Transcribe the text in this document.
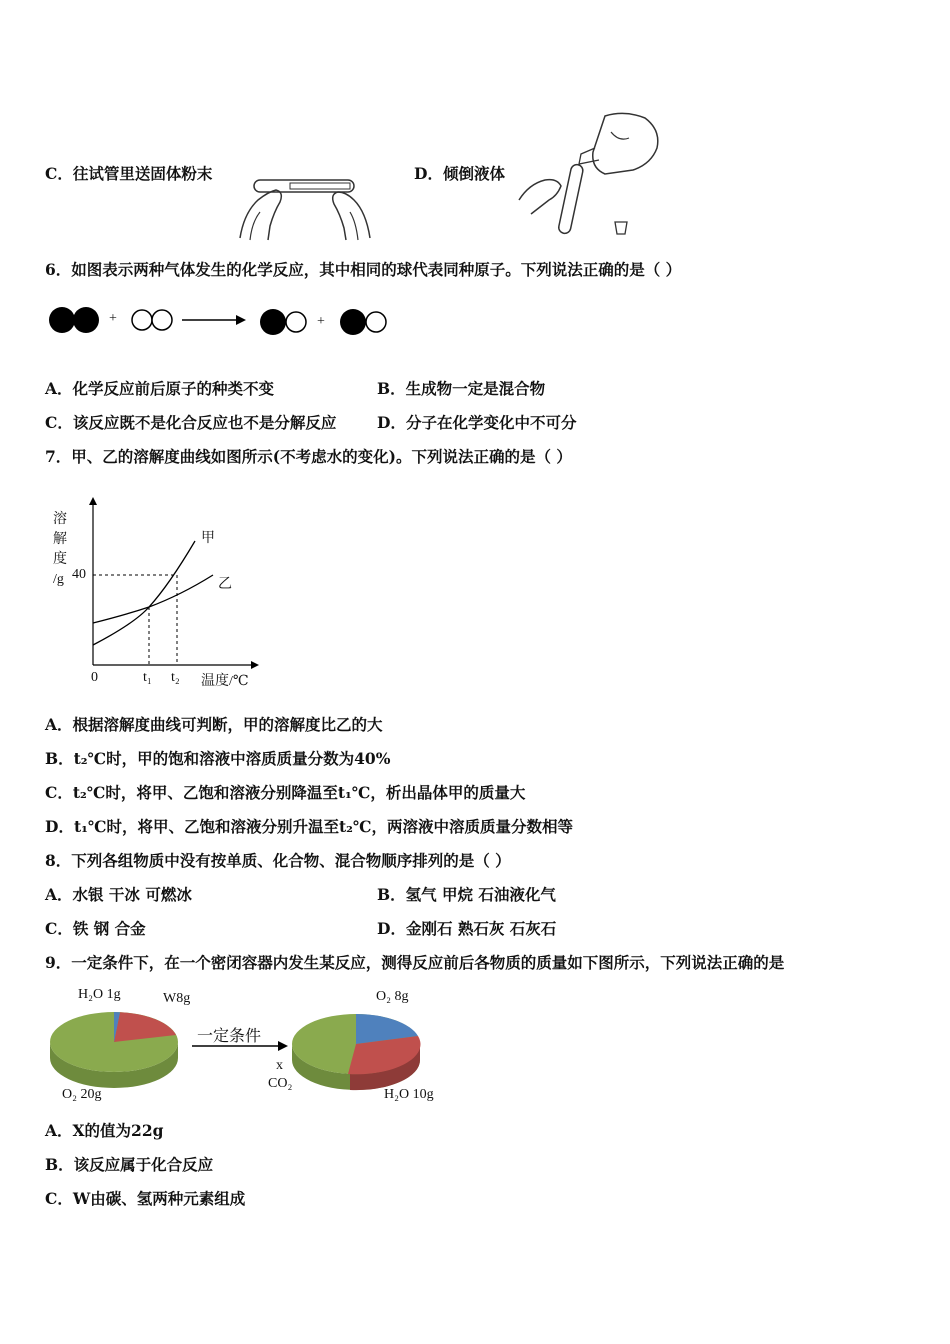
C．往试管里送固体粉末	D．倾倒液体
6．如图表示两种气体发生的化学反应，其中相同的球代表同种原子。下列说法正确的是（ ）
+	+
A．化学反应前后原子的种类不变	B．生成物一定是混合物
C．该反应既不是化合反应也不是分解反应	D．分子在化学变化中不可分
7．甲、乙的溶解度曲线如图所示(不考虑水的变化)。下列说法正确的是（ ）
溶
解
度
/g 40
0	t₁ t₂ 温度/℃
甲
乙
A．根据溶解度曲线可判断，甲的溶解度比乙的大
B．t₂℃时，甲的饱和溶液中溶质质量分数为40%
C．t₂℃时，将甲、乙饱和溶液分别降温至t₁℃，析出晶体甲的质量大
D．t₁℃时，将甲、乙饱和溶液分别升温至t₂℃，两溶液中溶质质量分数相等
8．下列各组物质中没有按单质、化合物、混合物顺序排列的是（ ）
A．水银 干冰 可燃冰	B．氢气 甲烷 石油液化气
C．铁 钢 合金	D．金刚石 熟石灰 石灰石
9．一定条件下，在一个密闭容器内发生某反应，测得反应前后各物质的质量如下图所示，下列说法正确的是
H₂O 1g	W8g
O₂ 20g
一定条件
O₂ 8g
x
CO₂
H₂O 10g
A．X的值为22g
B．该反应属于化合反应
C．W由碳、氢两种元素组成
